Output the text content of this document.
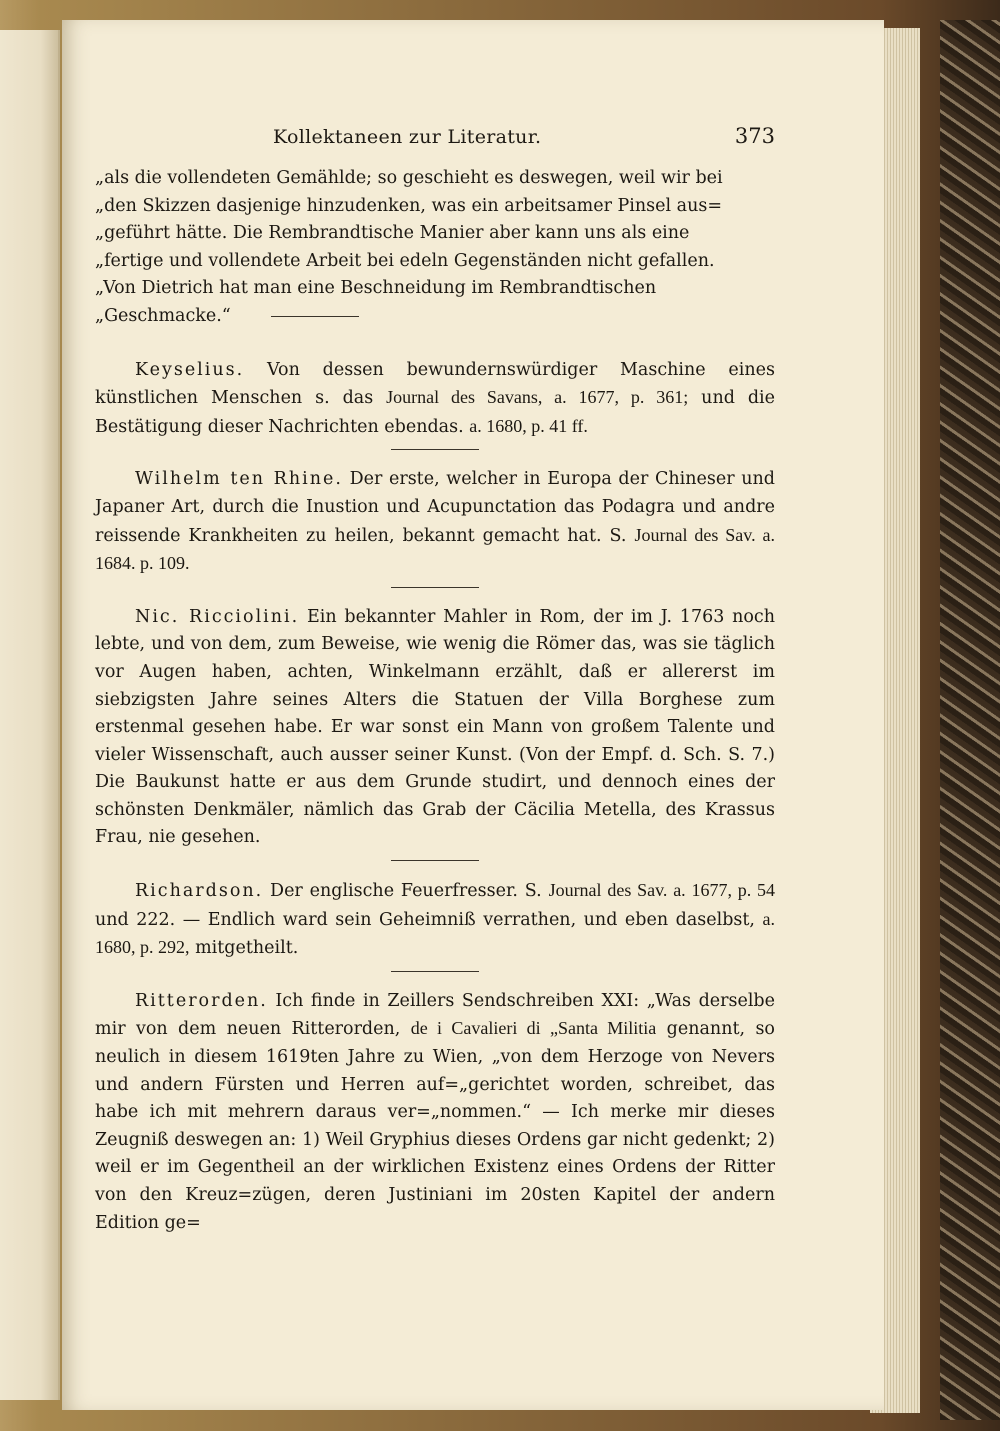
Kollektaneen zur Literatur.	373

„als die vollendeten Gemählde; so geschieht es deswegen, weil wir bei

„den Skizzen dasjenige hinzudenken, was ein arbeitsamer Pinsel aus=

„geführt hätte. Die Rembrandtische Manier aber kann uns als eine

„fertige und vollendete Arbeit bei edeln Gegenständen nicht gefallen.

„Von Dietrich hat man eine Beschneidung im Rembrandtischen

„Geschmacke.“

Keyselius. Von dessen bewundernswürdiger Maschine eines künstlichen Menschen s. das Journal des Savans, a. 1677, p. 361; und die Bestätigung dieser Nachrichten ebendas. a. 1680, p. 41 ff.

Wilhelm ten Rhine. Der erste, welcher in Europa der Chineser und Japaner Art, durch die Inustion und Acupunctation das Podagra und andre reissende Krankheiten zu heilen, bekannt gemacht hat. S. Journal des Sav. a. 1684. p. 109.

Nic. Ricciolini. Ein bekannter Mahler in Rom, der im J. 1763 noch lebte, und von dem, zum Beweise, wie wenig die Römer das, was sie täglich vor Augen haben, achten, Winkelmann erzählt, daß er allererst im siebzigsten Jahre seines Alters die Statuen der Villa Borghese zum erstenmal gesehen habe. Er war sonst ein Mann von großem Talente und vieler Wissenschaft, auch ausser seiner Kunst. (Von der Empf. d. Sch. S. 7.) Die Baukunst hatte er aus dem Grunde studirt, und dennoch eines der schönsten Denkmäler, nämlich das Grab der Cäcilia Metella, des Krassus Frau, nie gesehen.

Richardson. Der englische Feuerfresser. S. Journal des Sav. a. 1677, p. 54 und 222. — Endlich ward sein Geheimniß verrathen, und eben daselbst, a. 1680, p. 292, mitgetheilt.

Ritterorden. Ich finde in Zeillers Sendschreiben XXI: „Was derselbe mir von dem neuen Ritterorden, de i Cavalieri di „Santa Militia genannt, so neulich in diesem 1619ten Jahre zu Wien, „von dem Herzoge von Nevers und andern Fürsten und Herren auf=„gerichtet worden, schreibet, das habe ich mit mehrern daraus ver=„nommen.“ — Ich merke mir dieses Zeugniß deswegen an: 1) Weil Gryphius dieses Ordens gar nicht gedenkt; 2) weil er im Gegentheil an der wirklichen Existenz eines Ordens der Ritter von den Kreuz=zügen, deren Justiniani im 20sten Kapitel der andern Edition ge=
